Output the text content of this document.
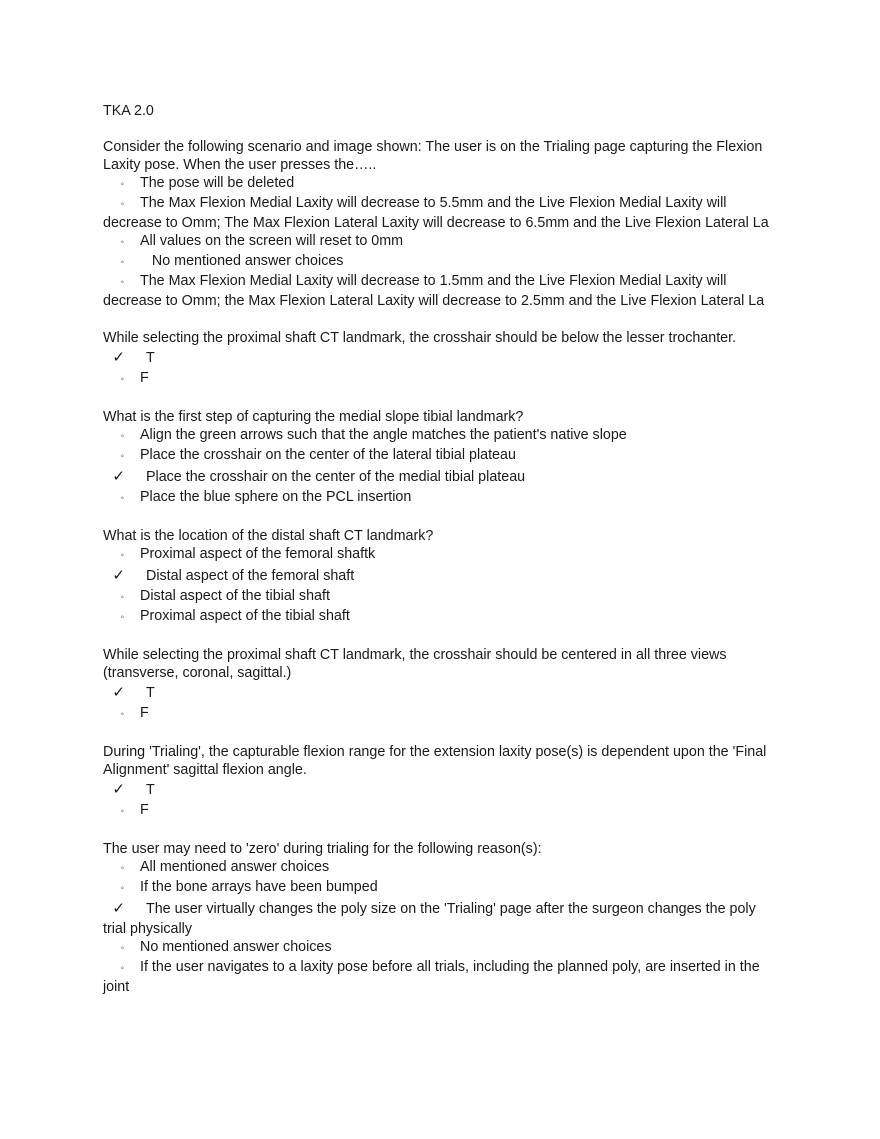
TKA 2.0
Consider the following scenario and image shown: The user is on the Trialing page capturing the Flexion
Laxity pose. When the user presses the…..
◦ The pose will be deleted
◦ The Max Flexion Medial Laxity will decrease to 5.5mm and the Live Flexion Medial Laxity will
decrease to Omm; The Max Flexion Lateral Laxity will decrease to 6.5mm and the Live Flexion Lateral La
◦ All values on the screen will reset to 0mm
◦   No mentioned answer choices
◦ The Max Flexion Medial Laxity will decrease to 1.5mm and the Live Flexion Medial Laxity will
decrease to Omm; the Max Flexion Lateral Laxity will decrease to 2.5mm and the Live Flexion Lateral La
While selecting the proximal shaft CT landmark, the crosshair should be below the lesser trochanter.
✓ T
◦ F
What is the first step of capturing the medial slope tibial landmark?
◦ Align the green arrows such that the angle matches the patient's native slope
◦ Place the crosshair on the center of the lateral tibial plateau
✓ Place the crosshair on the center of the medial tibial plateau
◦ Place the blue sphere on the PCL insertion
What is the location of the distal shaft CT landmark?
◦ Proximal aspect of the femoral shaftk
✓ Distal aspect of the femoral shaft
◦ Distal aspect of the tibial shaft
◦ Proximal aspect of the tibial shaft
While selecting the proximal shaft CT landmark, the crosshair should be centered in all three views
(transverse, coronal, sagittal.)
✓ T
◦ F
During 'Trialing', the capturable flexion range for the extension laxity pose(s) is dependent upon the 'Final
Alignment' sagittal flexion angle.
✓ T
◦ F
The user may need to 'zero' during trialing for the following reason(s):
◦ All mentioned answer choices
◦ If the bone arrays have been bumped
✓ The user virtually changes the poly size on the 'Trialing' page after the surgeon changes the poly
trial physically
◦ No mentioned answer choices
◦ If the user navigates to a laxity pose before all trials, including the planned poly, are inserted in the
joint
